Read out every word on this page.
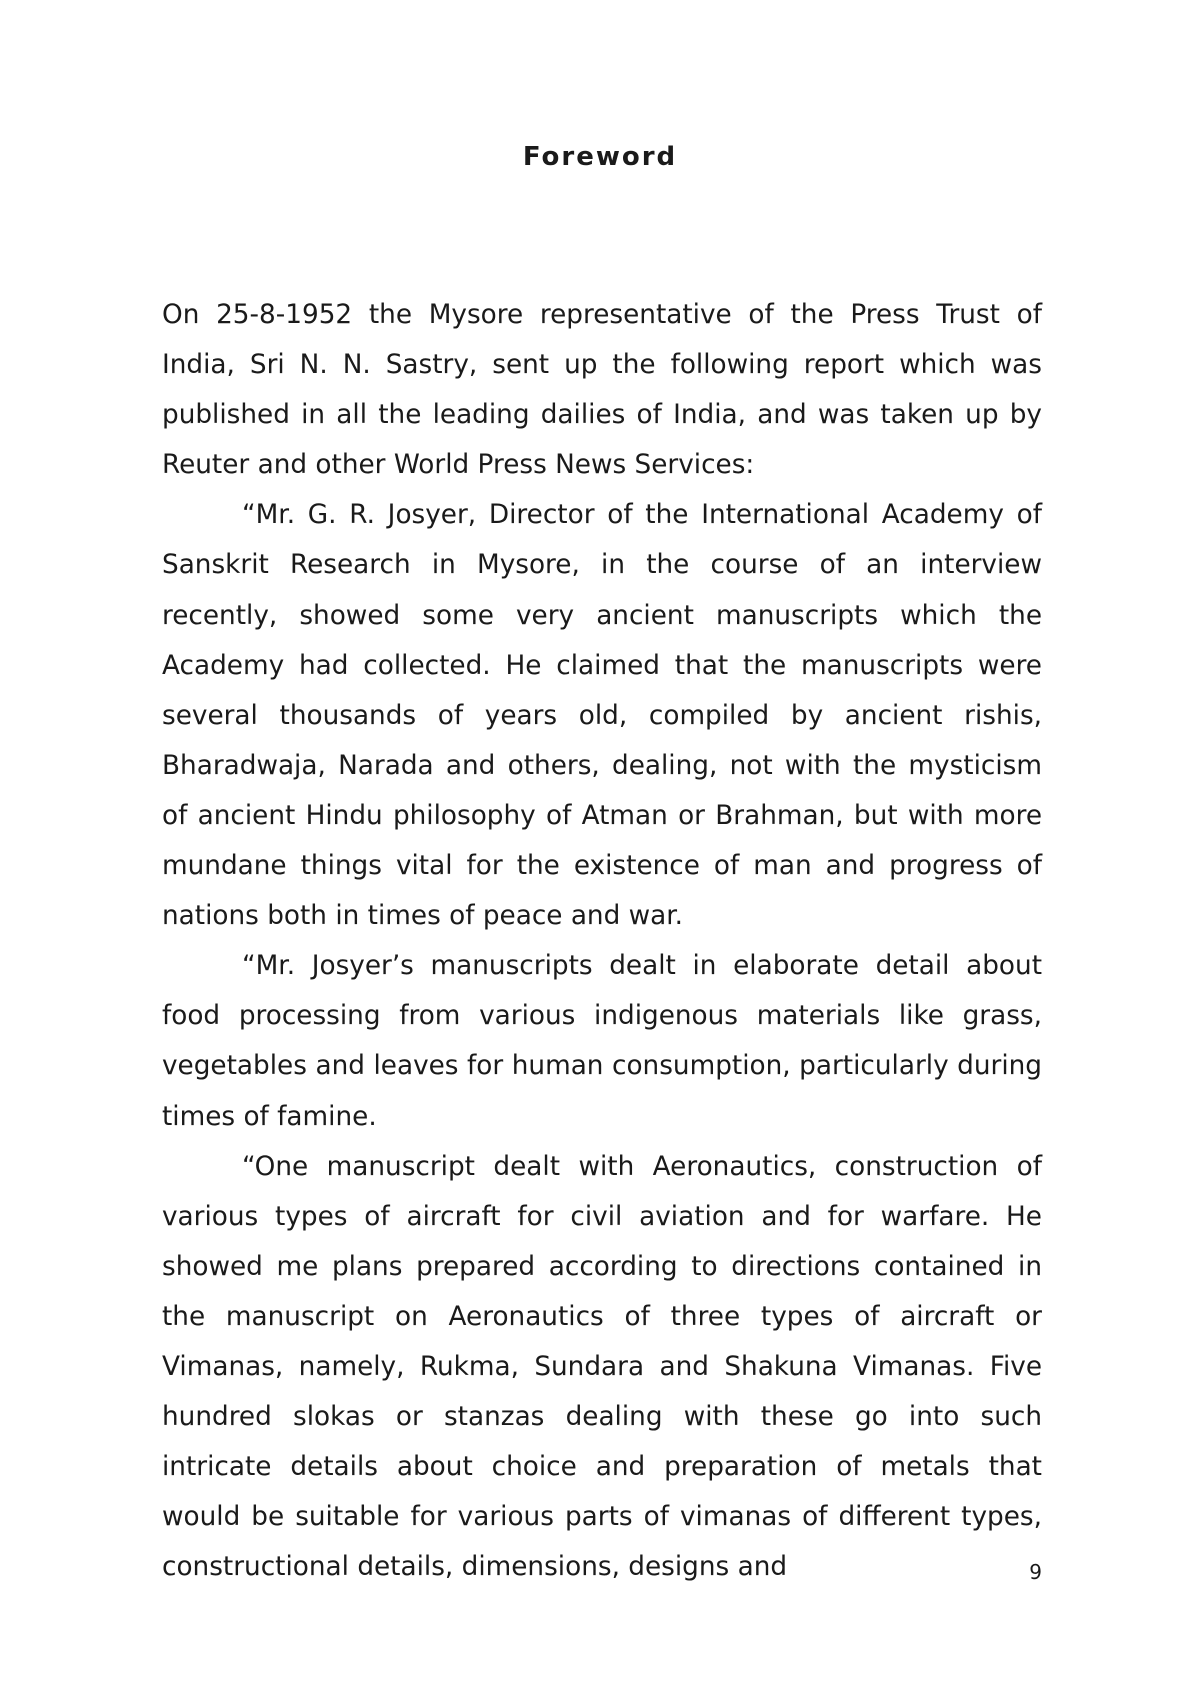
Foreword

On 25-8-1952 the Mysore representative of the Press Trust of India, Sri N. N. Sastry, sent up the following report which was published in all the leading dailies of India, and was taken up by Reuter and other World Press News Services:

“Mr. G. R. Josyer, Director of the International Academy of Sanskrit Research in Mysore, in the course of an interview recently, showed some very ancient manuscripts which the Academy had collected. He claimed that the manuscripts were several thousands of years old, compiled by ancient rishis, Bharadwaja, Narada and others, dealing, not with the mysticism of ancient Hindu philosophy of Atman or Brahman, but with more mundane things vital for the existence of man and progress of nations both in times of peace and war.

“Mr. Josyer’s manuscripts dealt in elaborate detail about food processing from various indigenous materials like grass, vegetables and leaves for human consumption, particularly during times of famine.

“One manuscript dealt with Aeronautics, construction of various types of aircraft for civil aviation and for warfare. He showed me plans prepared according to directions contained in the manuscript on Aeronautics of three types of aircraft or Vimanas, namely, Rukma, Sundara and Shakuna Vimanas. Five hundred slokas or stanzas dealing with these go into such intricate details about choice and preparation of metals that would be suitable for various parts of vimanas of different types, constructional details, dimensions, designs and	9
